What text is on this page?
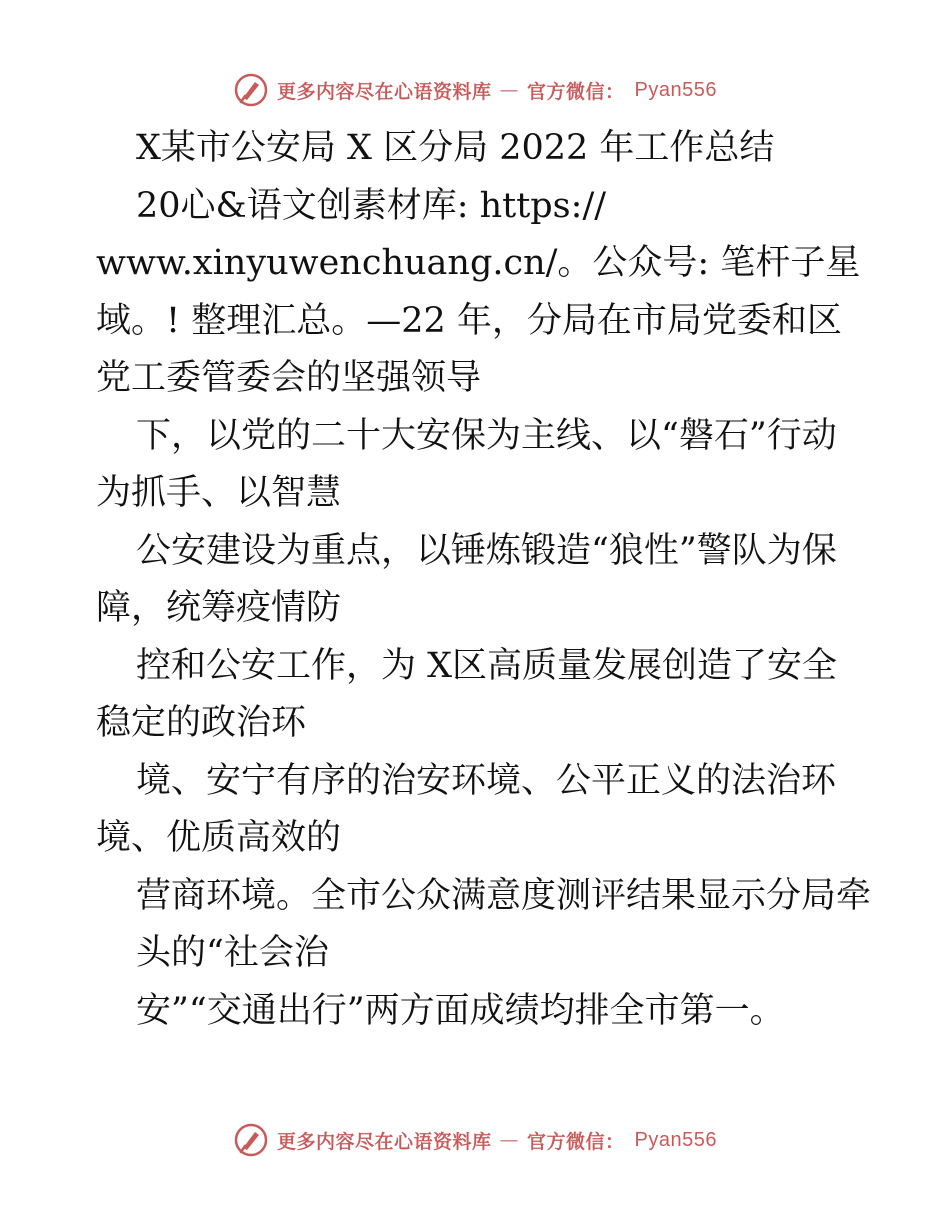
更多内容尽在心语资料库 — 官方微信： Pyan556
X某市公安局 X 区分局 2022 年工作总结
20心&语文创素材库: https://
www.xinyuwenchuang.cn/。公众号: 笔杆子星
域。! 整理汇总。—22 年，分局在市局党委和区
党工委管委会的坚强领导
下，以党的二十大安保为主线、以“磐石”行动
为抓手、以智慧
公安建设为重点，以锤炼锻造“狼性”警队为保
障，统筹疫情防
控和公安工作，为 X区高质量发展创造了安全
稳定的政治环
境、安宁有序的治安环境、公平正义的法治环
境、优质高效的
营商环境。全市公众满意度测评结果显示分局牵
头的“社会治
安”“交通出行”两方面成绩均排全市第一。
更多内容尽在心语资料库 — 官方微信： Pyan556
